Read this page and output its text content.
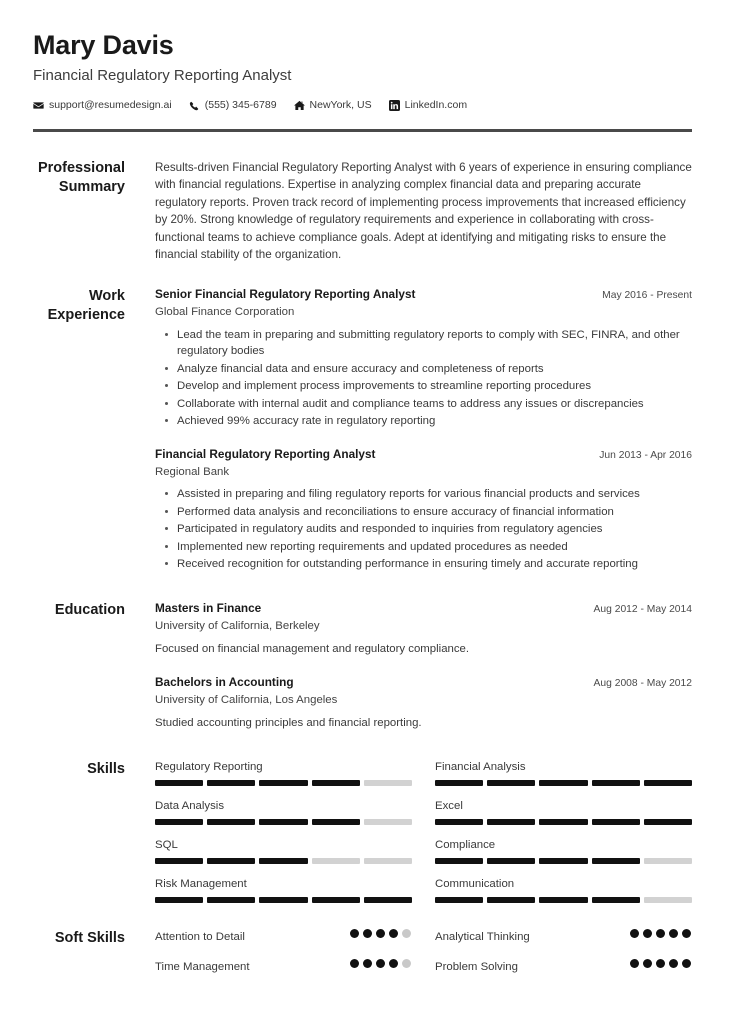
Mary Davis
Financial Regulatory Reporting Analyst
support@resumedesign.ai	(555) 345-6789	NewYork, US	LinkedIn.com
Professional Summary
Results-driven Financial Regulatory Reporting Analyst with 6 years of experience in ensuring compliance with financial regulations. Expertise in analyzing complex financial data and preparing accurate regulatory reports. Proven track record of implementing process improvements that increased efficiency by 20%. Strong knowledge of regulatory requirements and experience in collaborating with cross-functional teams to achieve compliance goals. Adept at identifying and mitigating risks to ensure the financial stability of the organization.
Work Experience
Senior Financial Regulatory Reporting Analyst	May 2016 - Present
Global Finance Corporation
Lead the team in preparing and submitting regulatory reports to comply with SEC, FINRA, and other regulatory bodies
Analyze financial data and ensure accuracy and completeness of reports
Develop and implement process improvements to streamline reporting procedures
Collaborate with internal audit and compliance teams to address any issues or discrepancies
Achieved 99% accuracy rate in regulatory reporting
Financial Regulatory Reporting Analyst	Jun 2013 - Apr 2016
Regional Bank
Assisted in preparing and filing regulatory reports for various financial products and services
Performed data analysis and reconciliations to ensure accuracy of financial information
Participated in regulatory audits and responded to inquiries from regulatory agencies
Implemented new reporting requirements and updated procedures as needed
Received recognition for outstanding performance in ensuring timely and accurate reporting
Education	Masters in Finance	Aug 2012 - May 2014
University of California, Berkeley
Focused on financial management and regulatory compliance.
Bachelors in Accounting	Aug 2008 - May 2012
University of California, Los Angeles
Studied accounting principles and financial reporting.
Skills	Regulatory Reporting	Financial Analysis
Data Analysis	Excel
SQL	Compliance
Risk Management	Communication
Soft Skills	Attention to Detail	Analytical Thinking
Time Management	Problem Solving
